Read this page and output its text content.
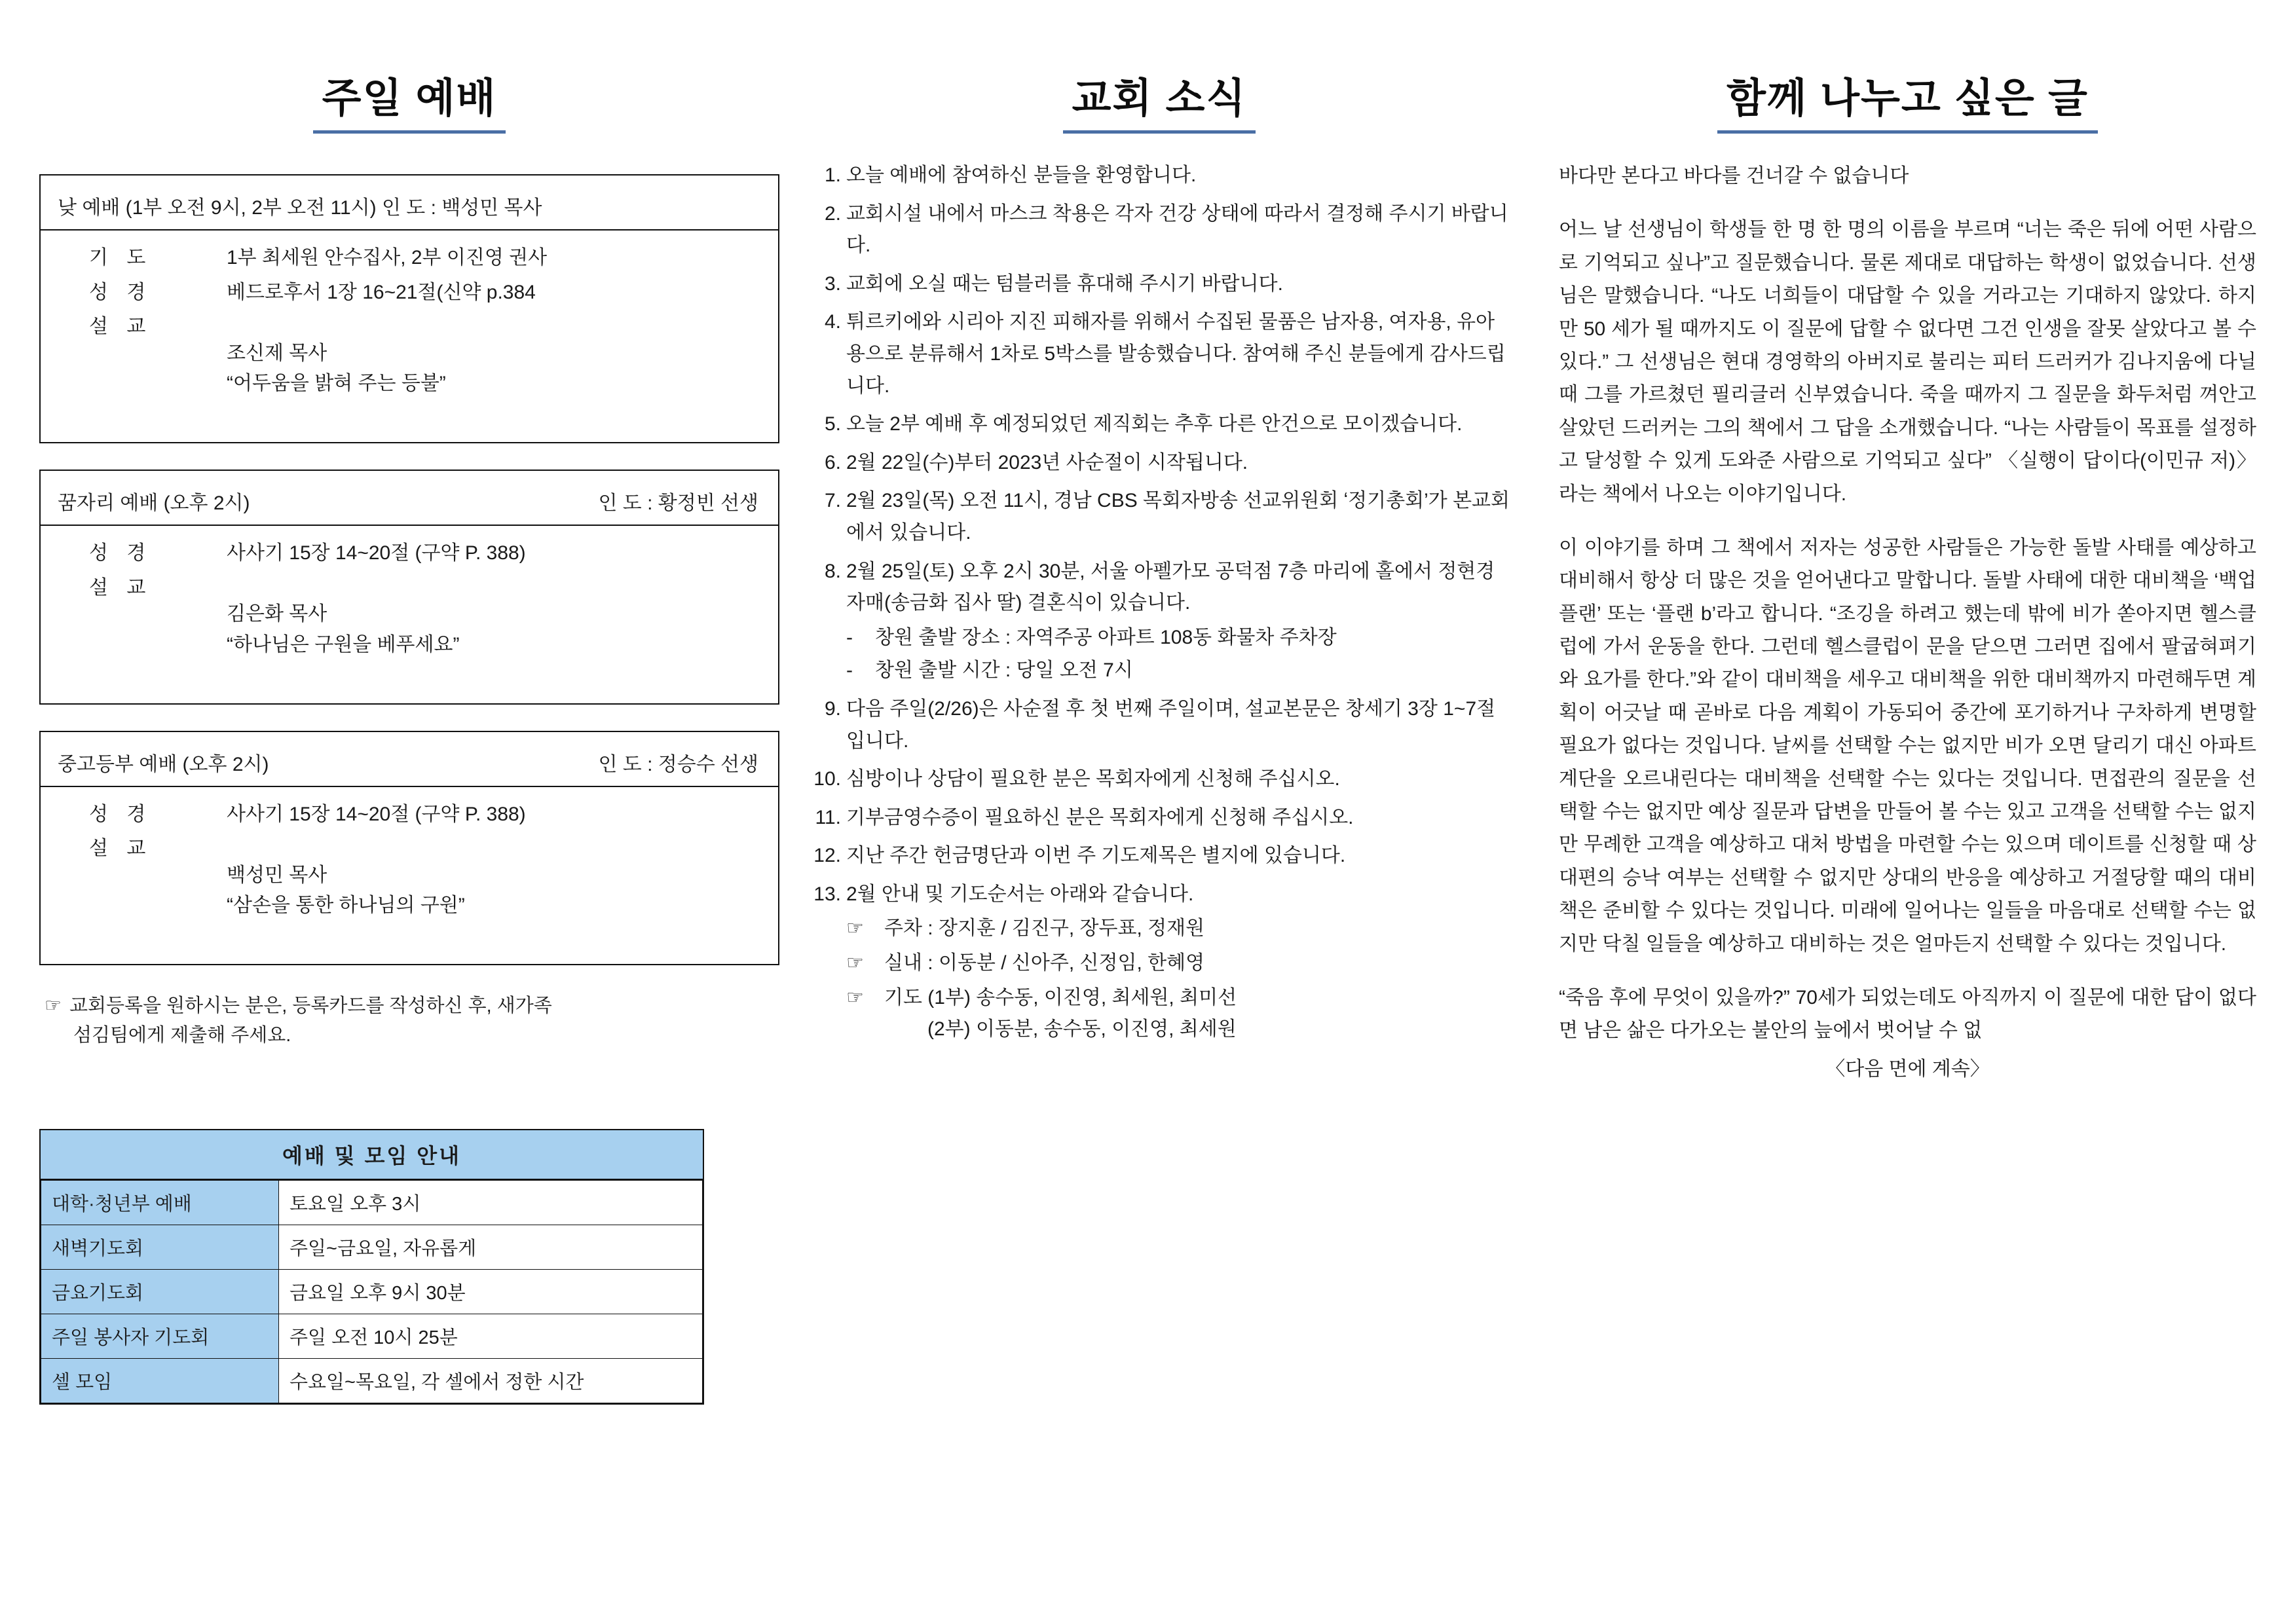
주일 예배
낮 예배 (1부 오전 9시, 2부 오전 11시) 인 도 : 백성민 목사
기 도	1부 최세원 안수집사, 2부 이진영 권사
성 경	베드로후서 1장 16~21절(신약 p.384
설 교	조신제 목사

“어두움을 밝혀 주는 등불”

꿈자리 예배 (오후 2시)	인 도 : 황정빈 선생
성 경	사사기 15장 14~20절 (구약 P. 388)
설 교	김은화 목사

“하나님은 구원을 베푸세요”

중고등부 예배 (오후 2시)	인 도 : 정승수 선생
성 경	사사기 15장 14~20절 (구약 P. 388)
설 교	백성민 목사

“삼손을 통한 하나님의 구원”

☞ 교회등록을 원하시는 분은, 등록카드를 작성하신 후, 새가족
섬김팀에게 제출해 주세요.
예배 및 모임 안내
대학·청년부 예배	토요일 오후 3시
새벽기도회	주일~금요일, 자유롭게
금요기도회	금요일 오후 9시 30분
주일 봉사자 기도회	주일 오전 10시 25분
셀 모임	수요일~목요일, 각 셀에서 정한 시간
교회 소식
1. 오늘 예배에 참여하신 분들을 환영합니다.
2. 교회시설 내에서 마스크 착용은 각자 건강 상태에 따라서 결정해 주시기 바랍니다.
3. 교회에 오실 때는 텀블러를 휴대해 주시기 바랍니다.
4. 튀르키에와 시리아 지진 피해자를 위해서 수집된 물품은 남자용, 여자용, 유아용으로 분류해서 1차로 5박스를 발송했습니다. 참여해 주신 분들에게 감사드립니다.
5. 오늘 2부 예배 후 예정되었던 제직회는 추후 다른 안건으로 모이겠습니다.
6. 2월 22일(수)부터 2023년 사순절이 시작됩니다.
7. 2월 23일(목) 오전 11시, 경남 CBS 목회자방송 선교위원회 ʻ정기총회’가 본교회에서 있습니다.
8. 2월 25일(토) 오후 2시 30분, 서울 아펠가모 공덕점 7층 마리에 홀에서 정현경 자매(송금화 집사 딸) 결혼식이 있습니다.
- 창원 출발 장소 : 자역주공 아파트 108동 화물차 주차장
- 창원 출발 시간 : 당일 오전 7시
9. 다음 주일(2/26)은 사순절 후 첫 번째 주일이며, 설교본문은 창세기 3장 1~7절입니다.
10. 심방이나 상담이 필요한 분은 목회자에게 신청해 주십시오.
11. 기부금영수증이 필요하신 분은 목회자에게 신청해 주십시오.
12. 지난 주간 헌금명단과 이번 주 기도제목은 별지에 있습니다.
13. 2월 안내 및 기도순서는 아래와 같습니다.
☞ 주차 : 장지훈 / 김진구, 장두표, 정재원
☞ 실내 : 이동분 / 신아주, 신정임, 한혜영
☞ 기도 (1부) 송수동, 이진영, 최세원, 최미선
(2부) 이동분, 송수동, 이진영, 최세원
함께 나누고 싶은 글

바다만 본다고 바다를 건너갈 수 없습니다

어느 날 선생님이 학생들 한 명 한 명의 이름을 부르며 “너는 죽은 뒤에 어떤 사람으로 기억되고 싶나”고 질문했습니다. 물론 제대로 대답하는 학생이 없었습니다. 선생님은 말했습니다. “나도 너희들이 대답할 수 있을 거라고는 기대하지 않았다. 하지만 50 세가 될 때까지도 이 질문에 답할 수 없다면 그건 인생을 잘못 살았다고 볼 수 있다.” 그 선생님은 현대 경영학의 아버지로 불리는 피터 드러커가 김나지움에 다닐 때 그를 가르쳤던 필리글러 신부였습니다. 죽을 때까지 그 질문을 화두처럼 껴안고 살았던 드러커는 그의 책에서 그 답을 소개했습니다. “나는 사람들이 목표를 설정하고 달성할 수 있게 도와준 사람으로 기억되고 싶다” 〈실행이 답이다(이민규 저)〉라는 책에서 나오는 이야기입니다.

이 이야기를 하며 그 책에서 저자는 성공한 사람들은 가능한 돌발 사태를 예상하고 대비해서 항상 더 많은 것을 얻어낸다고 말합니다. 돌발 사태에 대한 대비책을 ‘백업 플랜’ 또는 ‘플랜 b’라고 합니다. “조깅을 하려고 했는데 밖에 비가 쏟아지면 헬스클럽에 가서 운동을 한다. 그런데 헬스클럽이 문을 닫으면 그러면 집에서 팔굽혀펴기와 요가를 한다.”와 같이 대비책을 세우고 대비책을 위한 대비책까지 마련해두면 계획이 어긋날 때 곧바로 다음 계획이 가동되어 중간에 포기하거나 구차하게 변명할 필요가 없다는 것입니다. 날씨를 선택할 수는 없지만 비가 오면 달리기 대신 아파트 계단을 오르내린다는 대비책을 선택할 수는 있다는 것입니다. 면접관의 질문을 선택할 수는 없지만 예상 질문과 답변을 만들어 볼 수는 있고 고객을 선택할 수는 없지만 무례한 고객을 예상하고 대처 방법을 마련할 수는 있으며 데이트를 신청할 때 상대편의 승낙 여부는 선택할 수 없지만 상대의 반응을 예상하고 거절당할 때의 대비책은 준비할 수 있다는 것입니다. 미래에 일어나는 일들을 마음대로 선택할 수는 없지만 닥칠 일들을 예상하고 대비하는 것은 얼마든지 선택할 수 있다는 것입니다.

“죽음 후에 무엇이 있을까?” 70세가 되었는데도 아직까지 이 질문에 대한 답이 없다면 남은 삶은 다가오는 불안의 늪에서 벗어날 수 없

〈다음 면에 계속〉
